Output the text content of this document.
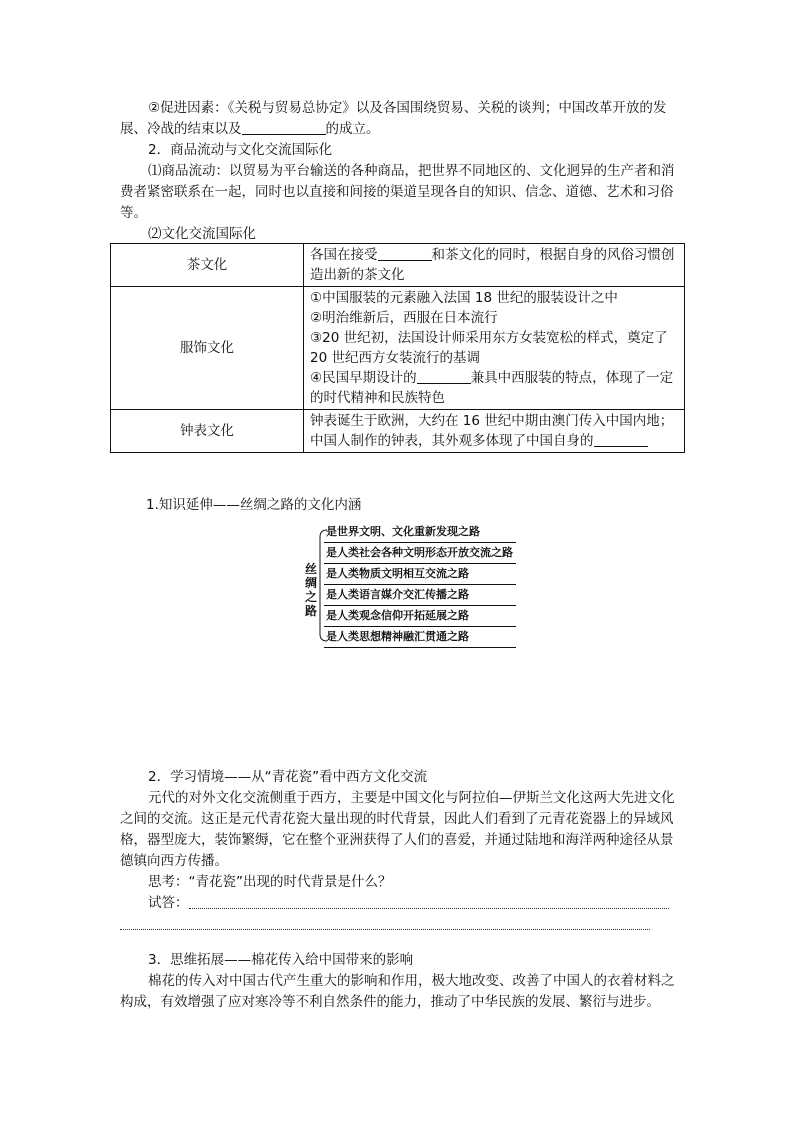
②促进因素：《关税与贸易总协定》以及各国围绕贸易、关税的谈判；中国改革开放的发展、冷战的结束以及	的成立。

2．商品流动与文化交流国际化

⑴商品流动：以贸易为平台输送的各种商品，把世界不同地区的、文化迥异的生产者和消费者紧密联系在一起，同时也以直接和间接的渠道呈现各自的知识、信念、道德、艺术和习俗等。

⑵文化交流国际化

茶文化	各国在接受 和茶文化的同时，根据自身的风俗习惯创造出新的茶文化
服饰文化	①中国服装的元素融入法国 18 世纪的服装设计之中
②明治维新后，西服在日本流行
③20 世纪初，法国设计师采用东方女装宽松的样式，奠定了 20 世纪西方女装流行的基调
④民国早期设计的 兼具中西服装的特点，体现了一定的时代精神和民族特色

钟表文化	钟表诞生于欧洲，大约在 16 世纪中期由澳门传入中国内地；中国人制作的钟表，其外观多体现了中国自身的

1.知识延伸——丝绸之路的文化内涵

丝绸之路
是世界文明、文化重新发现之路
是人类社会各种文明形态开放交流之路
是人类物质文明相互交流之路
是人类语言媒介交汇传播之路
是人类观念信仰开拓延展之路
是人类思想精神融汇贯通之路

2．学习情境——从“青花瓷”看中西方文化交流

元代的对外文化交流侧重于西方，主要是中国文化与阿拉伯—伊斯兰文化这两大先进文化之间的交流。这正是元代青花瓷大量出现的时代背景，因此人们看到了元青花瓷器上的异域风格，器型庞大，装饰繁缛，它在整个亚洲获得了人们的喜爱，并通过陆地和海洋两种途径从景德镇向西方传播。

思考：“青花瓷”出现的时代背景是什么？

试答：

3．思维拓展——棉花传入给中国带来的影响

棉花的传入对中国古代产生重大的影响和作用，极大地改变、改善了中国人的衣着材料之构成，有效增强了应对寒冷等不利自然条件的能力，推动了中华民族的发展、繁衍与进步。
